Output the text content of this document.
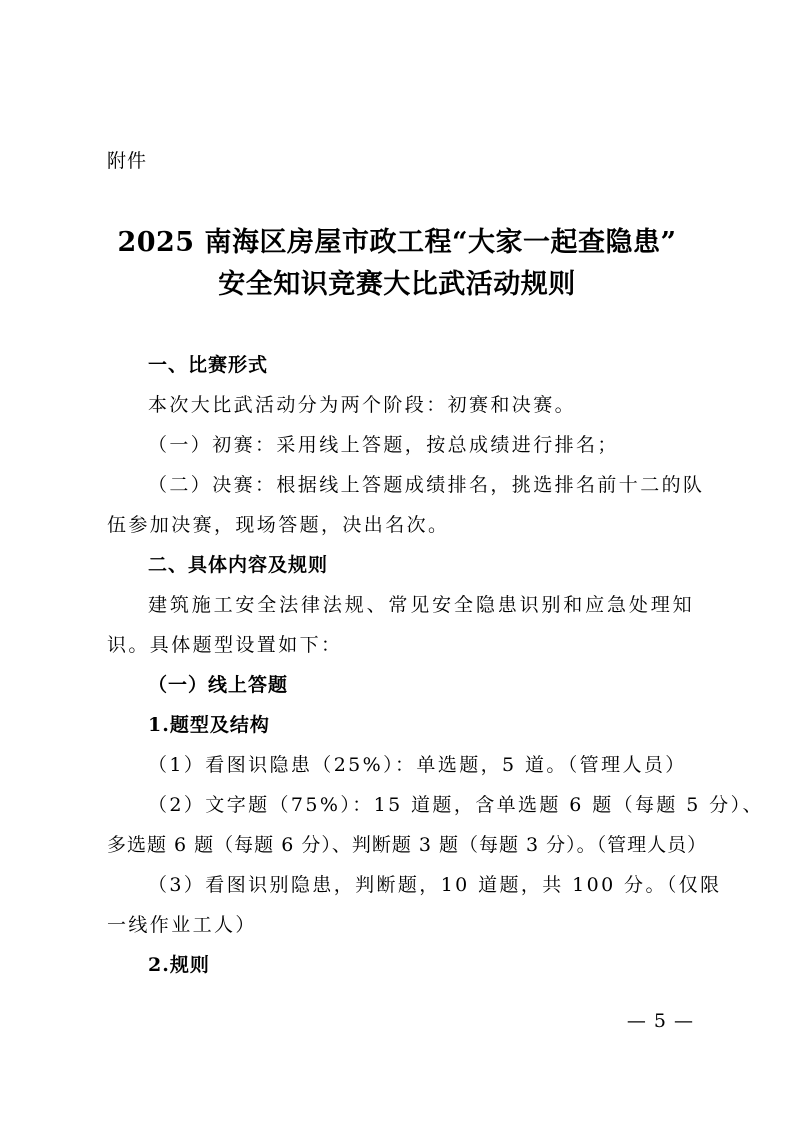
附件
2025 南海区房屋市政工程“大家一起查隐患”
安全知识竞赛大比武活动规则
一、比赛形式
本次大比武活动分为两个阶段：初赛和决赛。
（一）初赛：采用线上答题，按总成绩进行排名；
（二）决赛：根据线上答题成绩排名，挑选排名前十二的队
伍参加决赛，现场答题，决出名次。
二、具体内容及规则
建筑施工安全法律法规、常见安全隐患识别和应急处理知
识。具体题型设置如下：
（一）线上答题
1.题型及结构
（1）看图识隐患（25%）：单选题，5 道。（管理人员）
（2）文字题（75%）：15 道题，含单选题 6 题（每题 5 分）、
多选题 6 题（每题 6 分）、判断题 3 题（每题 3 分）。（管理人员）
（3）看图识别隐患，判断题，10 道题，共 100 分。（仅限
一线作业工人）
2.规则
— 5 —
